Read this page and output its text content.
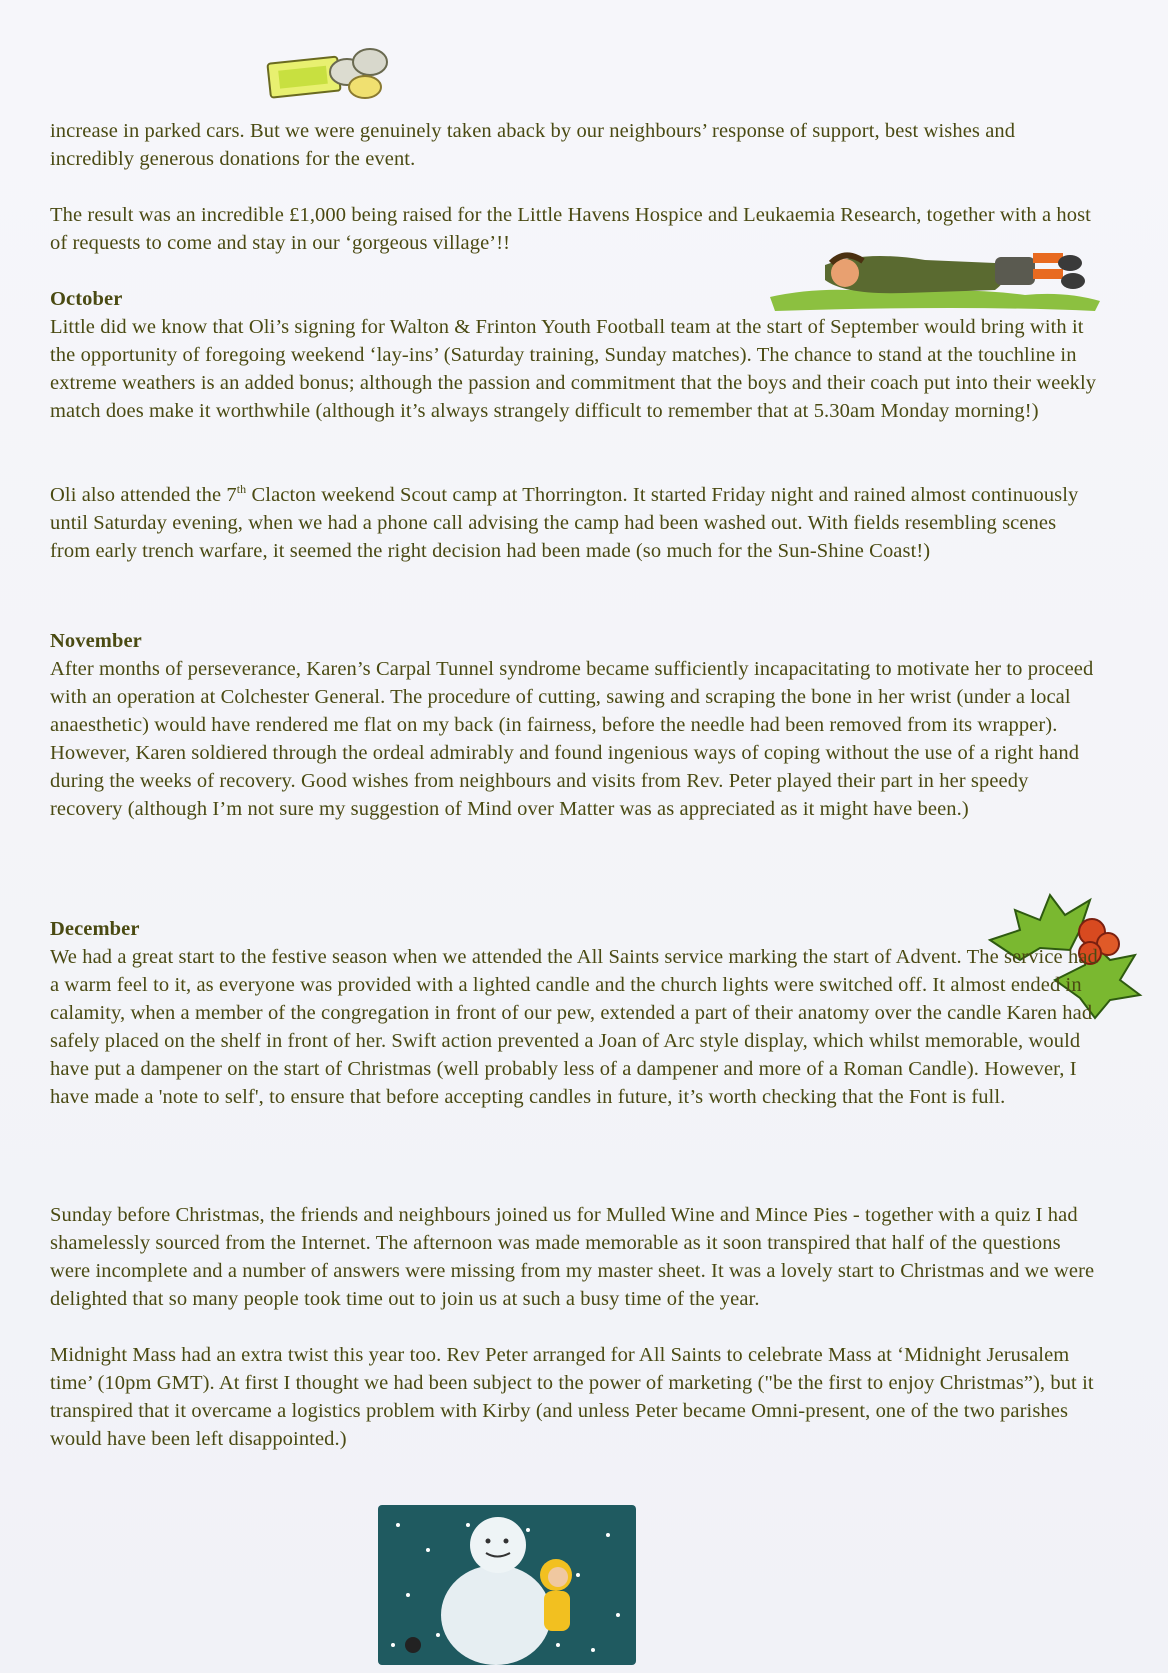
increase in parked cars. But we were genuinely taken aback by our neighbours’ response of support, best wishes and incredibly generous donations for the event.

The result was an incredible £1,000 being raised for the Little Havens Hospice and Leukaemia Research, together with a host of requests to come and stay in our ‘gorgeous village’!!

October

Little did we know that Oli’s signing for Walton & Frinton Youth Football team at the start of September would bring with it the opportunity of foregoing weekend ‘lay-ins’ (Saturday training, Sunday matches). The chance to stand at the touchline in extreme weathers is an added bonus; although the passion and commitment that the boys and their coach put into their weekly match does make it worthwhile (although it’s always strangely difficult to remember that at 5.30am Monday morning!)

Oli also attended the 7th Clacton weekend Scout camp at Thorrington. It started Friday night and rained almost continuously until Saturday evening, when we had a phone call advising the camp had been washed out. With fields resembling scenes from early trench warfare, it seemed the right decision had been made (so much for the Sun-Shine Coast!)

November

After months of perseverance, Karen’s Carpal Tunnel syndrome became sufficiently incapacitating to motivate her to proceed with an operation at Colchester General. The procedure of cutting, sawing and scraping the bone in her wrist (under a local anaesthetic) would have rendered me flat on my back (in fairness, before the needle had been removed from its wrapper). However, Karen soldiered through the ordeal admirably and found ingenious ways of coping without the use of a right hand during the weeks of recovery. Good wishes from neighbours and visits from Rev. Peter played their part in her speedy recovery (although I’m not sure my suggestion of Mind over Matter was as appreciated as it might have been.)

December

We had a great start to the festive season when we attended the All Saints service marking the start of Advent. The service had a warm feel to it, as everyone was provided with a lighted candle and the church lights were switched off. It almost ended in calamity, when a member of the congregation in front of our pew, extended a part of their anatomy over the candle Karen had safely placed on the shelf in front of her. Swift action prevented a Joan of Arc style display, which whilst memorable, would have put a dampener on the start of Christmas (well probably less of a dampener and more of a Roman Candle). However, I have made a 'note to self', to ensure that before accepting candles in future, it’s worth checking that the Font is full.

Sunday before Christmas, the friends and neighbours joined us for Mulled Wine and Mince Pies - together with a quiz I had shamelessly sourced from the Internet. The afternoon was made memorable as it soon transpired that half of the questions were incomplete and a number of answers were missing from my master sheet. It was a lovely start to Christmas and we were delighted that so many people took time out to join us at such a busy time of the year.

Midnight Mass had an extra twist this year too. Rev Peter arranged for All Saints to celebrate Mass at ‘Midnight Jerusalem time’ (10pm GMT). At first I thought we had been subject to the power of marketing ("be the first to enjoy Christmas”), but it transpired that it overcame a logistics problem with Kirby (and unless Peter became Omni-present, one of the two parishes would have been left disappointed.)
